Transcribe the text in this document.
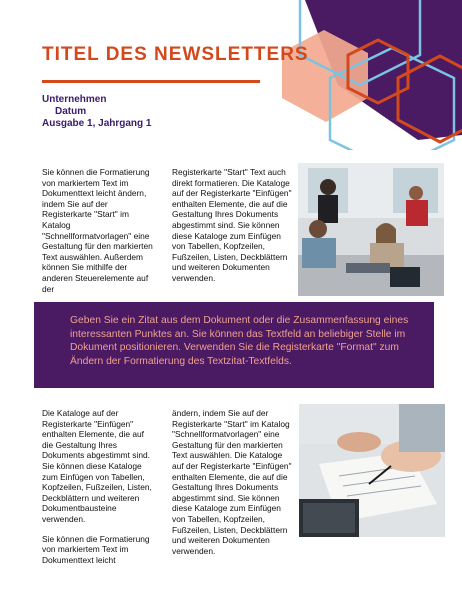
TITEL DES NEWSLETTERS
Unternehmen
Datum
Ausgabe 1, Jahrgang 1

Sie können die Formatierung von markiertem Text im Dokumenttext leicht ändern, indem Sie auf der Registerkarte "Start" im Katalog "Schnellformatvorlagen" eine Gestaltung für den markierten Text auswählen. Außerdem können Sie mithilfe der anderen Steuerelemente auf der

Registerkarte "Start" Text auch direkt formatieren. Die Kataloge auf der Registerkarte "Einfügen" enthalten Elemente, die auf die Gestaltung Ihres Dokuments abgestimmt sind. Sie können diese Kataloge zum Einfügen von Tabellen, Kopfzeilen, Fußzeilen, Listen, Deckblättern und weiteren Dokumenten verwenden.

Geben Sie ein Zitat aus dem Dokument oder die Zusammenfassung eines interessanten Punktes an. Sie können das Textfeld an beliebiger Stelle im Dokument positionieren. Verwenden Sie die Registerkarte "Format" zum Ändern der Formatierung des Textzitat-Textfelds.

Die Kataloge auf der Registerkarte "Einfügen" enthalten Elemente, die auf die Gestaltung Ihres Dokuments abgestimmt sind. Sie können diese Kataloge zum Einfügen von Tabellen, Kopfzeilen, Fußzeilen, Listen, Deckblättern und weiteren Dokumentbausteine verwenden.

Sie können die Formatierung von markiertem Text im Dokumenttext leicht

ändern, indem Sie auf der Registerkarte "Start" im Katalog "Schnellformatvorlagen" eine Gestaltung für den markierten Text auswählen. Die Kataloge auf der Registerkarte "Einfügen" enthalten Elemente, die auf die Gestaltung Ihres Dokuments abgestimmt sind. Sie können diese Kataloge zum Einfügen von Tabellen, Kopfzeilen, Fußzeilen, Listen, Deckblättern und weiteren Dokumenten verwenden.
